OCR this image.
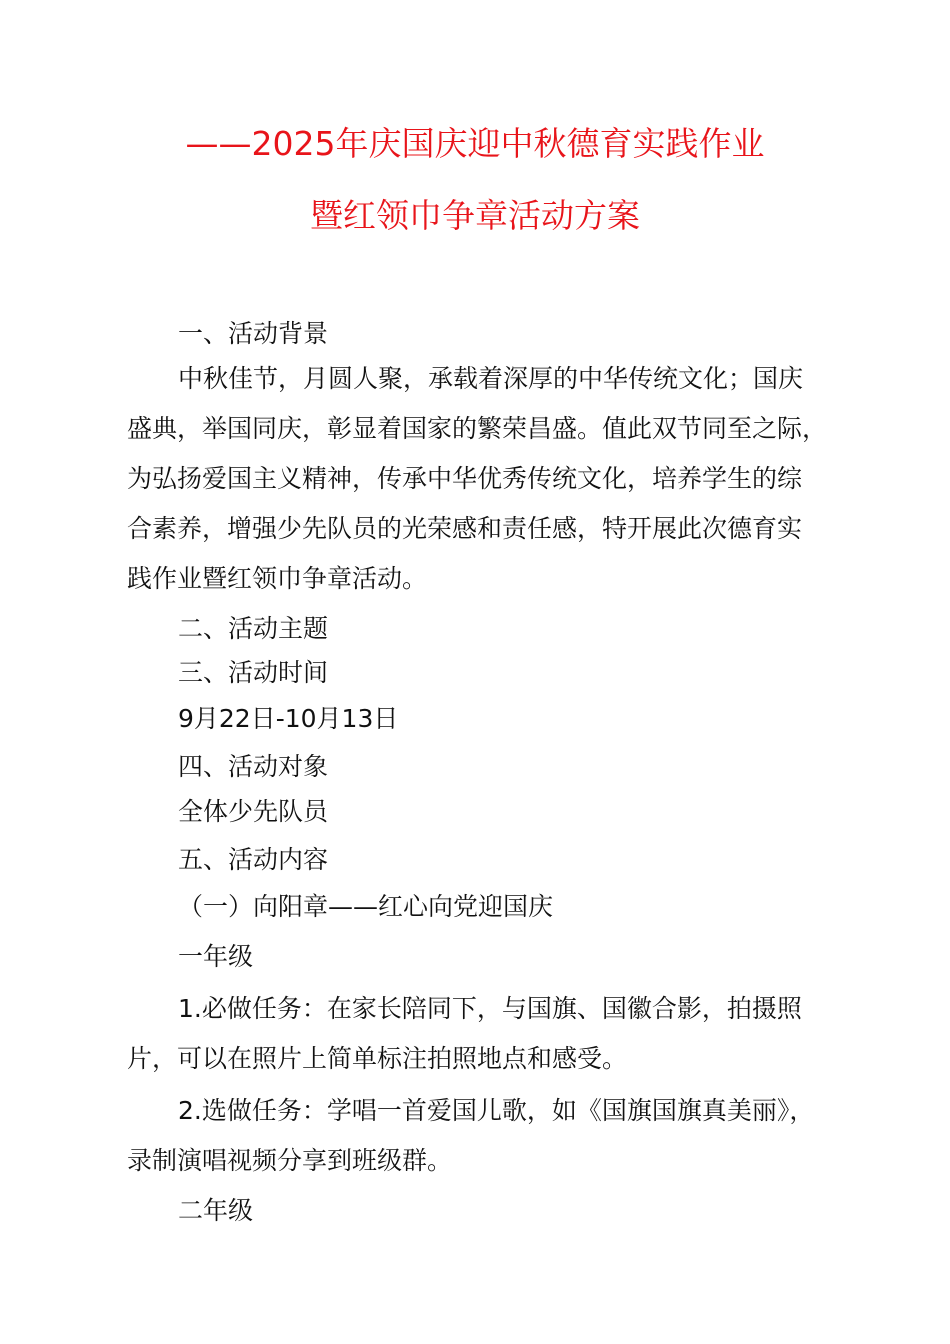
——2025年庆国庆迎中秋德育实践作业
暨红领巾争章活动方案
一、活动背景
中秋佳节，月圆人聚，承载着深厚的中华传统文化；国庆
盛典，举国同庆，彰显着国家的繁荣昌盛。值此双节同至之际，
为弘扬爱国主义精神，传承中华优秀传统文化，培养学生的综
合素养，增强少先队员的光荣感和责任感，特开展此次德育实
践作业暨红领巾争章活动。
二、活动主题
三、活动时间
9月22日-10月13日
四、活动对象
全体少先队员
五、活动内容
（一）向阳章——红心向党迎国庆
一年级
1.必做任务：在家长陪同下，与国旗、国徽合影，拍摄照
片，可以在照片上简单标注拍照地点和感受。
2.选做任务：学唱一首爱国儿歌，如《国旗国旗真美丽》，
录制演唱视频分享到班级群。
二年级
